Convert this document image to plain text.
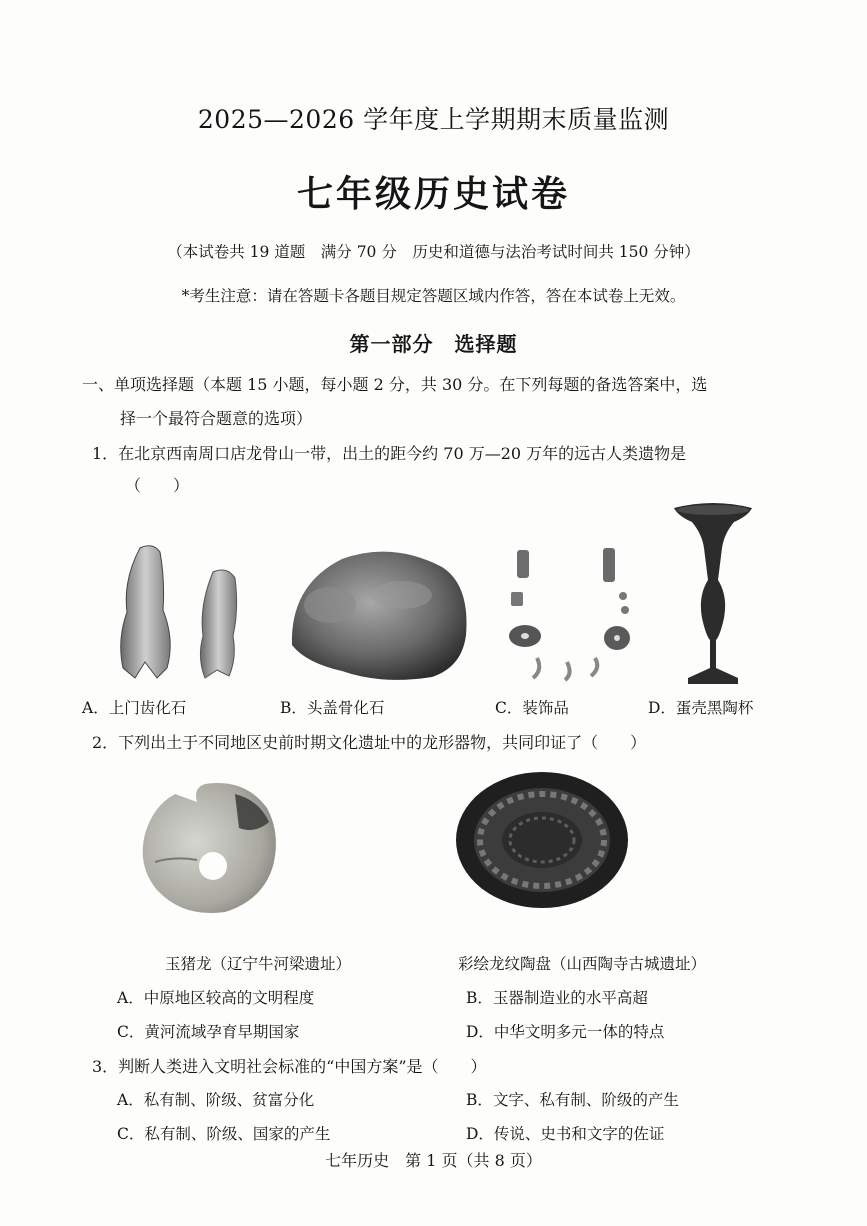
2025—2026 学年度上学期期末质量监测
七年级历史试卷
（本试卷共 19 道题　满分 70 分　历史和道德与法治考试时间共 150 分钟）
*考生注意：请在答题卡各题目规定答题区域内作答，答在本试卷上无效。
第一部分　选择题
一、单项选择题（本题 15 小题，每小题 2 分，共 30 分。在下列每题的备选答案中，选
择一个最符合题意的选项）
1．在北京西南周口店龙骨山一带，出土的距今约 70 万—20 万年的远古人类遗物是
（　　）
A．上门齿化石	B．头盖骨化石	C．装饰品	D．蛋壳黑陶杯
2．下列出土于不同地区史前时期文化遗址中的龙形器物，共同印证了（　　）
玉猪龙（辽宁牛河梁遗址）	彩绘龙纹陶盘（山西陶寺古城遗址）
A．中原地区较高的文明程度	B．玉器制造业的水平高超
C．黄河流域孕育早期国家	D．中华文明多元一体的特点
3．判断人类进入文明社会标准的“中国方案”是（　　）
A．私有制、阶级、贫富分化	B．文字、私有制、阶级的产生
C．私有制、阶级、国家的产生	D．传说、史书和文字的佐证
七年历史　第 1 页（共 8 页）
